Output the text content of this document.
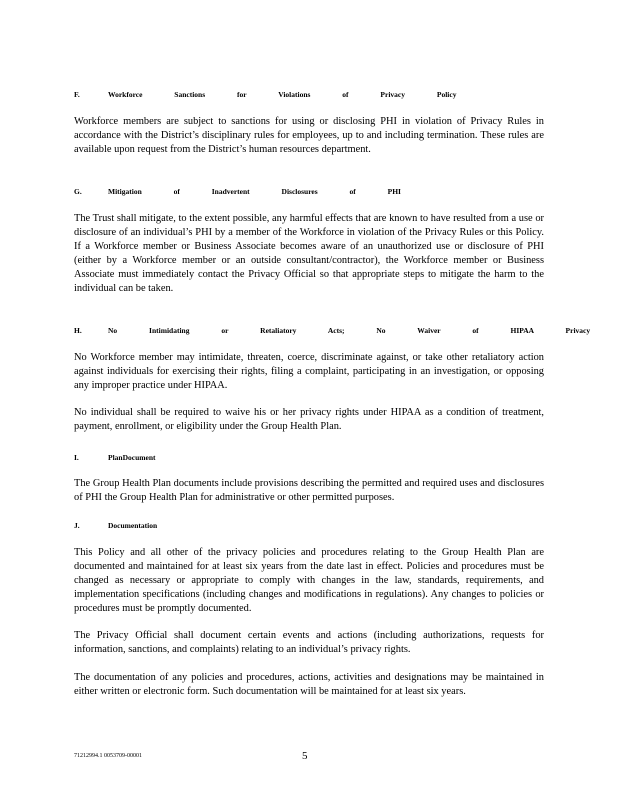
F.	Workforce Sanctions for Violations of Privacy Policy

Workforce members are subject to sanctions for using or disclosing PHI in violation of Privacy Rules in accordance with the District’s disciplinary rules for employees, up to and including termination. These rules are available upon request from the District’s human resources department.

G.	Mitigation of Inadvertent Disclosures of PHI

The Trust shall mitigate, to the extent possible, any harmful effects that are known to have resulted from a use or disclosure of an individual’s PHI by a member of the Workforce in violation of the Privacy Rules or this Policy. If a Workforce member or Business Associate becomes aware of an unauthorized use or disclosure of PHI (either by a Workforce member or an outside consultant/contractor), the Workforce member or Business Associate must immediately contact the Privacy Official so that appropriate steps to mitigate the harm to the individual can be taken.

H.	No Intimidating or Retaliatory Acts; No Waiver of HIPAA Privacy

No Workforce member may intimidate, threaten, coerce, discriminate against, or take other retaliatory action against individuals for exercising their rights, filing a complaint, participating in an investigation, or opposing any improper practice under HIPAA.

No individual shall be required to waive his or her privacy rights under HIPAA as a condition of treatment, payment, enrollment, or eligibility under the Group Health Plan.

I.	PlanDocument

The Group Health Plan documents include provisions describing the permitted and required uses and disclosures of PHI the Group Health Plan for administrative or other permitted purposes.

J.	Documentation

This Policy and all other of the privacy policies and procedures relating to the Group Health Plan are documented and maintained for at least six years from the date last in effect. Policies and procedures must be changed as necessary or appropriate to comply with changes in the law, standards, requirements, and implementation specifications (including changes and modifications in regulations). Any changes to policies or procedures must be promptly documented.

The Privacy Official shall document certain events and actions (including authorizations, requests for information, sanctions, and complaints) relating to an individual’s privacy rights.

The documentation of any policies and procedures, actions, activities and designations may be maintained in either written or electronic form. Such documentation will be maintained for at least six years.

71212994.1 0053709-00001	5
